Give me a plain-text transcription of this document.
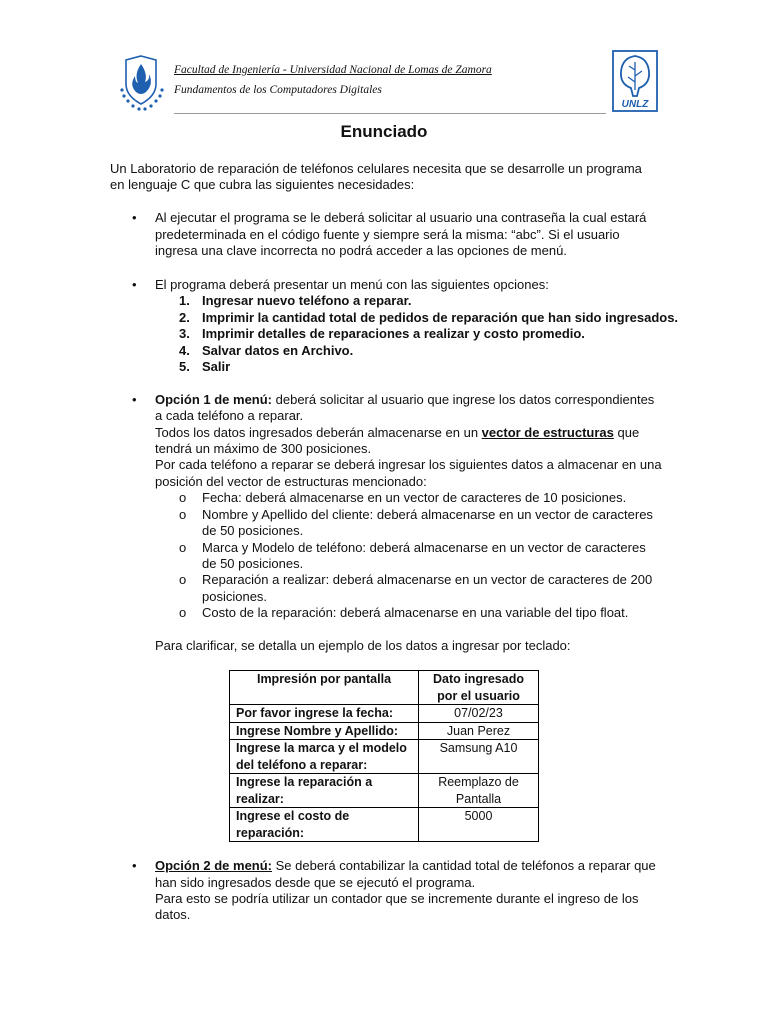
Facultad de Ingeniería - Universidad Nacional de Lomas de Zamora
Fundamentos de los Computadores Digitales
UNLZ
Enunciado
Un Laboratorio de reparación de teléfonos celulares necesita que se desarrolle un programa
en lenguaje C que cubra las siguientes necesidades:
• Al ejecutar el programa se le deberá solicitar al usuario una contraseña la cual estará
predeterminada en el código fuente y siempre será la misma: “abc”. Si el usuario
ingresa una clave incorrecta no podrá acceder a las opciones de menú.
• El programa deberá presentar un menú con las siguientes opciones:
1. Ingresar nuevo teléfono a reparar.
2. Imprimir la cantidad total de pedidos de reparación que han sido ingresados.
3. Imprimir detalles de reparaciones a realizar y costo promedio.
4. Salvar datos en Archivo.
5. Salir
• Opción 1 de menú: deberá solicitar al usuario que ingrese los datos correspondientes
a cada teléfono a reparar.
Todos los datos ingresados deberán almacenarse en un vector de estructuras que
tendrá un máximo de 300 posiciones.
Por cada teléfono a reparar se deberá ingresar los siguientes datos a almacenar en una
posición del vector de estructuras mencionado:
o Fecha: deberá almacenarse en un vector de caracteres de 10 posiciones.
o Nombre y Apellido del cliente: deberá almacenarse en un vector de caracteres
de 50 posiciones.
o Marca y Modelo de teléfono: deberá almacenarse en un vector de caracteres
de 50 posiciones.
o Reparación a realizar: deberá almacenarse en un vector de caracteres de 200
posiciones.
o Costo de la reparación: deberá almacenarse en una variable del tipo float.
Para clarificar, se detalla un ejemplo de los datos a ingresar por teclado:
Impresión por pantalla	Dato ingresado por el usuario
Por favor ingrese la fecha:	07/02/23
Ingrese Nombre y Apellido:	Juan Perez
Ingrese la marca y el modelo del teléfono a reparar:	Samsung A10
Ingrese la reparación a realizar:	Reemplazo de Pantalla
Ingrese el costo de reparación:	5000
• Opción 2 de menú: Se deberá contabilizar la cantidad total de teléfonos a reparar que
han sido ingresados desde que se ejecutó el programa.
Para esto se podría utilizar un contador que se incremente durante el ingreso de los
datos.
